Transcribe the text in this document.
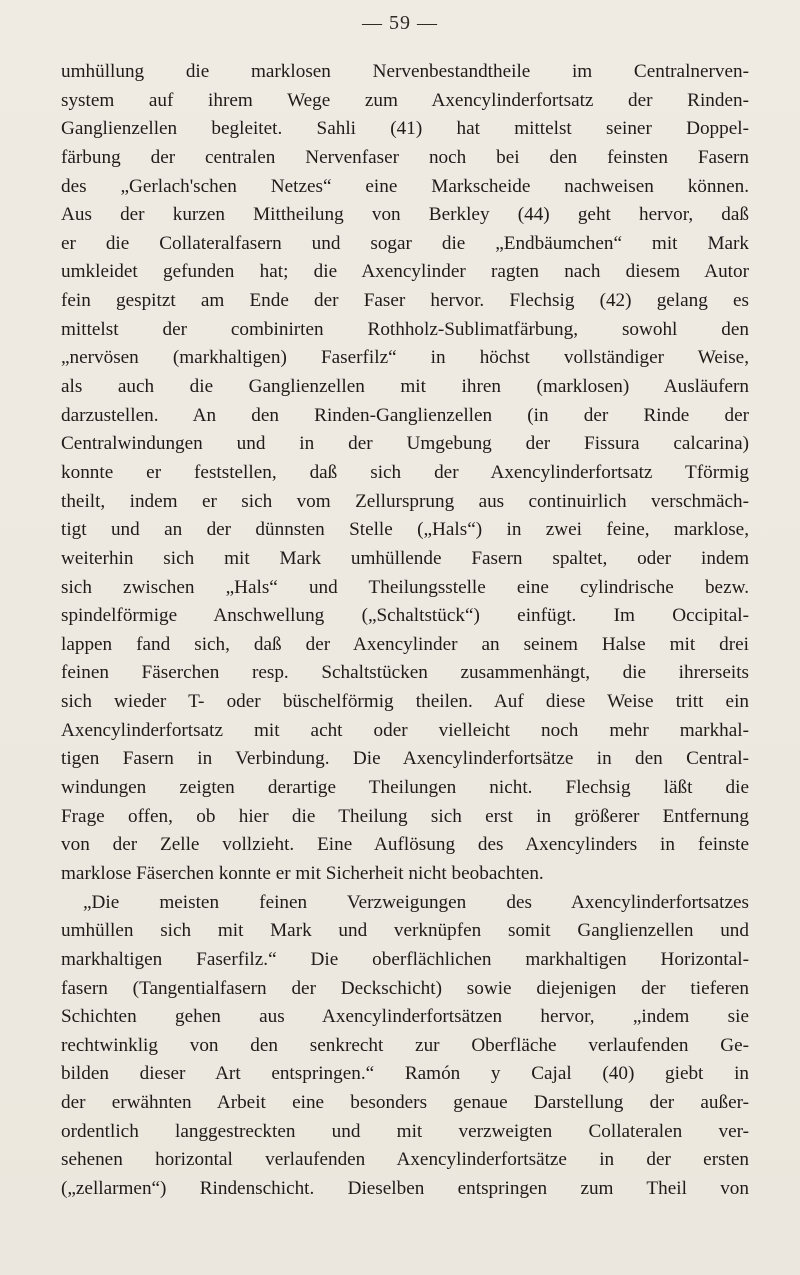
— 59 —
umhüllung die marklosen Nervenbestandtheile im Centralnerven-
system auf ihrem Wege zum Axencylinderfortsatz der Rinden-
Ganglienzellen begleitet. Sahli (41) hat mittelst seiner Doppel-
färbung der centralen Nervenfaser noch bei den feinsten Fasern
des „Gerlach'schen Netzes“ eine Markscheide nachweisen können.
Aus der kurzen Mittheilung von Berkley (44) geht hervor, daß
er die Collateralfasern und sogar die „Endbäumchen“ mit Mark
umkleidet gefunden hat; die Axencylinder ragten nach diesem Autor
fein gespitzt am Ende der Faser hervor. Flechsig (42) gelang es
mittelst der combinirten Rothholz-Sublimatfärbung, sowohl den
„nervösen (markhaltigen) Faserfilz“ in höchst vollständiger Weise,
als auch die Ganglienzellen mit ihren (marklosen) Ausläufern
darzustellen. An den Rinden-Ganglienzellen (in der Rinde der
Centralwindungen und in der Umgebung der Fissura calcarina)
konnte er feststellen, daß sich der Axencylinderfortsatz Tförmig
theilt, indem er sich vom Zellursprung aus continuirlich verschmäch-
tigt und an der dünnsten Stelle („Hals“) in zwei feine, marklose,
weiterhin sich mit Mark umhüllende Fasern spaltet, oder indem
sich zwischen „Hals“ und Theilungsstelle eine cylindrische bezw.
spindelförmige Anschwellung („Schaltstück“) einfügt. Im Occipital-
lappen fand sich, daß der Axencylinder an seinem Halse mit drei
feinen Fäserchen resp. Schaltstücken zusammenhängt, die ihrerseits
sich wieder T- oder büschelförmig theilen. Auf diese Weise tritt ein
Axencylinderfortsatz mit acht oder vielleicht noch mehr markhal-
tigen Fasern in Verbindung. Die Axencylinderfortsätze in den Central-
windungen zeigten derartige Theilungen nicht. Flechsig läßt die
Frage offen, ob hier die Theilung sich erst in größerer Entfernung
von der Zelle vollzieht. Eine Auflösung des Axencylinders in feinste
marklose Fäserchen konnte er mit Sicherheit nicht beobachten.
„Die meisten feinen Verzweigungen des Axencylinderfortsatzes
umhüllen sich mit Mark und verknüpfen somit Ganglienzellen und
markhaltigen Faserfilz.“ Die oberflächlichen markhaltigen Horizontal-
fasern (Tangentialfasern der Deckschicht) sowie diejenigen der tieferen
Schichten gehen aus Axencylinderfortsätzen hervor, „indem sie
rechtwinklig von den senkrecht zur Oberfläche verlaufenden Ge-
bilden dieser Art entspringen.“ Ramón y Cajal (40) giebt in
der erwähnten Arbeit eine besonders genaue Darstellung der außer-
ordentlich langgestreckten und mit verzweigten Collateralen ver-
sehenen horizontal verlaufenden Axencylinderfortsätze in der ersten
(„zellarmen“) Rindenschicht. Dieselben entspringen zum Theil von
